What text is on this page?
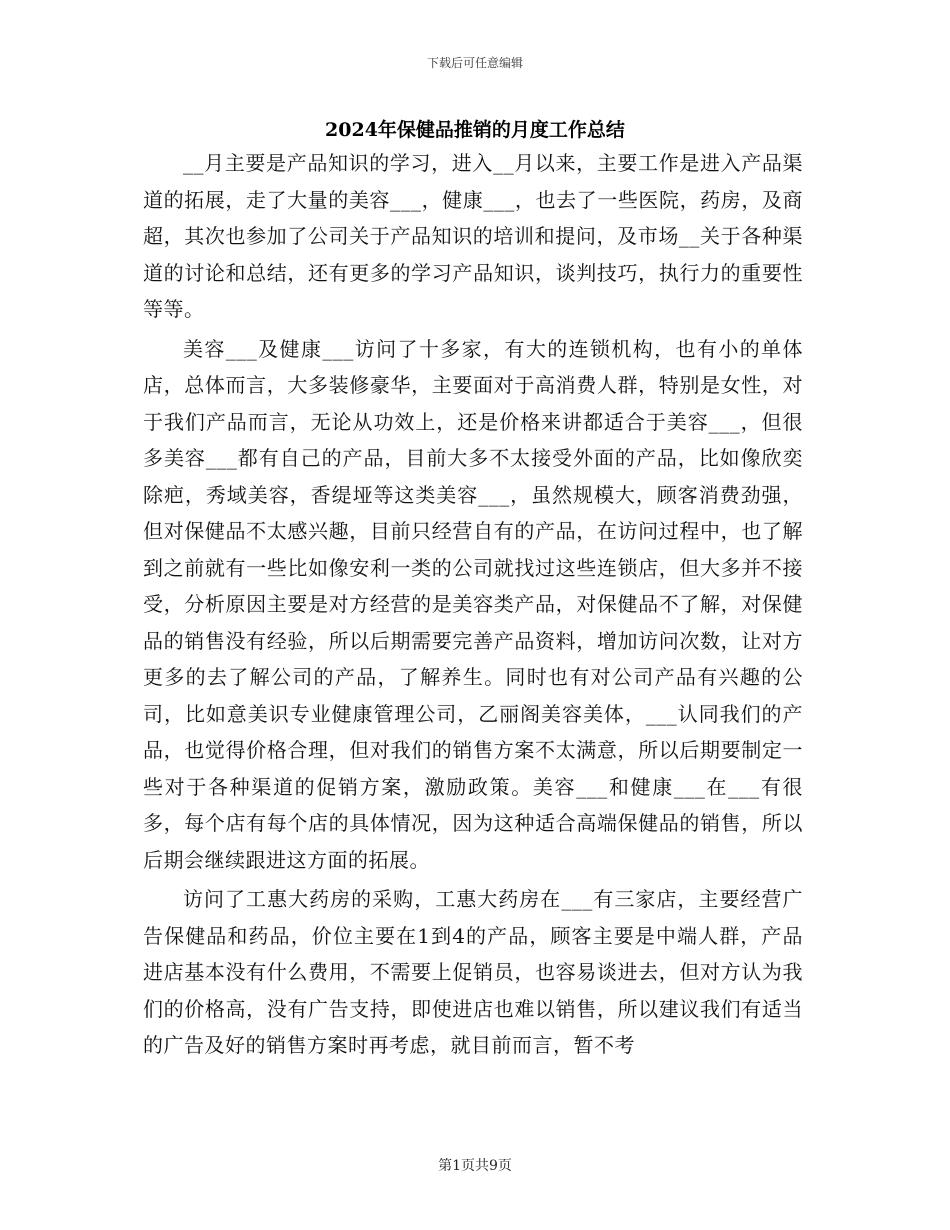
下载后可任意编辑
2024年保健品推销的月度工作总结

__月主要是产品知识的学习，进入__月以来，主要工作是进入产品渠道的拓展，走了大量的美容___，健康___，也去了一些医院，药房，及商超，其次也参加了公司关于产品知识的培训和提问，及市场__关于各种渠道的讨论和总结，还有更多的学习产品知识，谈判技巧，执行力的重要性等等。

美容___及健康___访问了十多家，有大的连锁机构，也有小的单体店，总体而言，大多装修豪华，主要面对于高消费人群，特别是女性，对于我们产品而言，无论从功效上，还是价格来讲都适合于美容___，但很多美容___都有自己的产品，目前大多不太接受外面的产品，比如像欣奕除疤，秀域美容，香缇垭等这类美容___，虽然规模大，顾客消费劲强，但对保健品不太感兴趣，目前只经营自有的产品，在访问过程中，也了解到之前就有一些比如像安利一类的公司就找过这些连锁店，但大多并不接受，分析原因主要是对方经营的是美容类产品，对保健品不了解，对保健品的销售没有经验，所以后期需要完善产品资料，增加访问次数，让对方更多的去了解公司的产品，了解养生。同时也有对公司产品有兴趣的公司，比如意美识专业健康管理公司，乙丽阁美容美体，___认同我们的产品，也觉得价格合理，但对我们的销售方案不太满意，所以后期要制定一些对于各种渠道的促销方案，激励政策。美容___和健康___在___有很多，每个店有每个店的具体情况，因为这种适合高端保健品的销售，所以后期会继续跟进这方面的拓展。

访问了工惠大药房的采购，工惠大药房在___有三家店，主要经营广告保健品和药品，价位主要在1到4的产品，顾客主要是中端人群，产品进店基本没有什么费用，不需要上促销员，也容易谈进去，但对方认为我们的价格高，没有广告支持，即使进店也难以销售，所以建议我们有适当的广告及好的销售方案时再考虑，就目前而言，暂不考

第1页共9页
